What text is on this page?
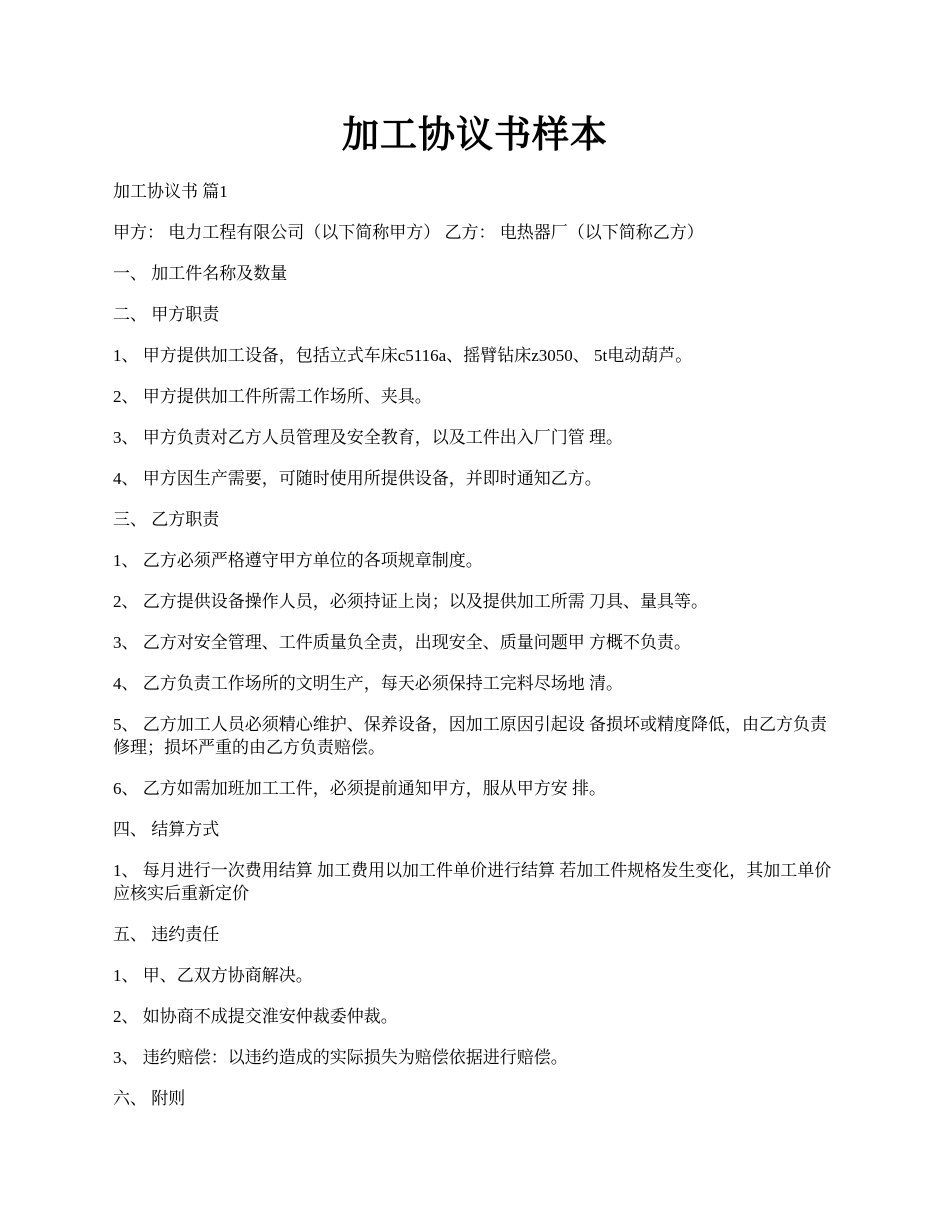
加工协议书样本

加工协议书 篇1

甲方： 电力工程有限公司（以下简称甲方） 乙方： 电热器厂（以下简称乙方）

一、 加工件名称及数量

二、 甲方职责

1、 甲方提供加工设备，包括立式车床c5116a、摇臂钻床z3050、 5t电动葫芦。

2、 甲方提供加工件所需工作场所、夹具。

3、 甲方负责对乙方人员管理及安全教育，以及工件出入厂门管 理。

4、 甲方因生产需要，可随时使用所提供设备，并即时通知乙方。

三、 乙方职责

1、 乙方必须严格遵守甲方单位的各项规章制度。

2、 乙方提供设备操作人员，必须持证上岗；以及提供加工所需 刀具、量具等。

3、 乙方对安全管理、工件质量负全责，出现安全、质量问题甲 方概不负责。

4、 乙方负责工作场所的文明生产，每天必须保持工完料尽场地 清。

5、 乙方加工人员必须精心维护、保养设备，因加工原因引起设 备损坏或精度降低，由乙方负责修理；损坏严重的由乙方负责赔偿。

6、 乙方如需加班加工工件，必须提前通知甲方，服从甲方安 排。

四、 结算方式

1、 每月进行一次费用结算 加工费用以加工件单价进行结算 若加工件规格发生变化，其加工单价应核实后重新定价

五、 违约责任

1、 甲、乙双方协商解决。

2、 如协商不成提交淮安仲裁委仲裁。

3、 违约赔偿：以违约造成的实际损失为赔偿依据进行赔偿。

六、 附则
